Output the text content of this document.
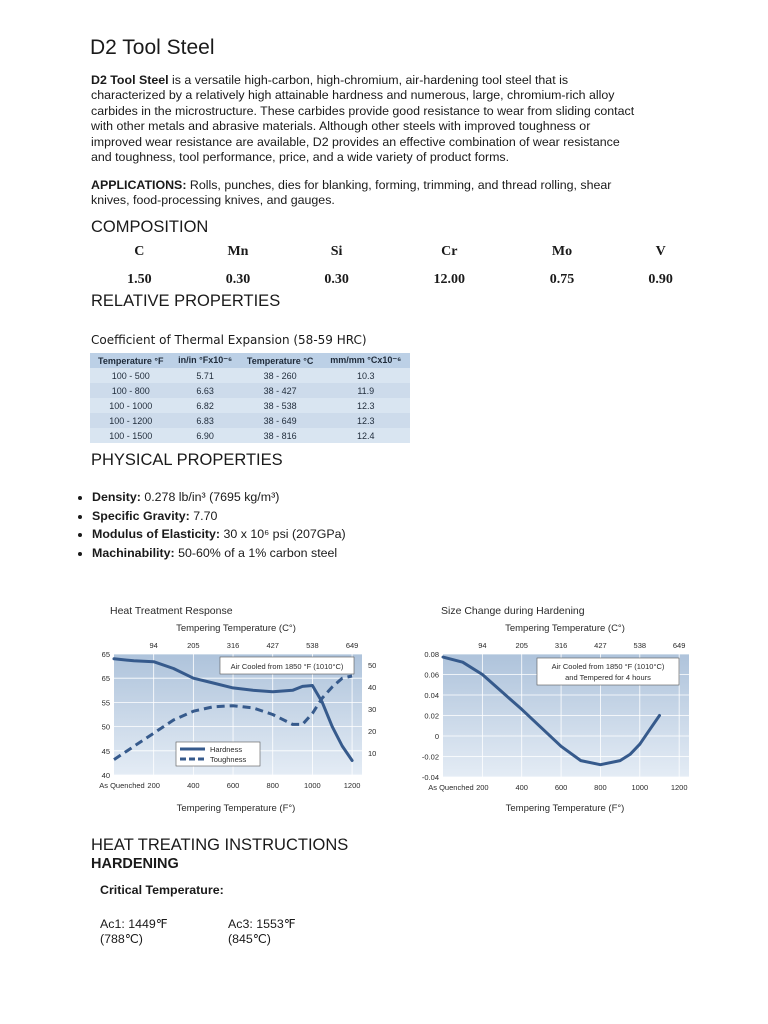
D2 Tool Steel
D2 Tool Steel is a versatile high-carbon, high-chromium, air-hardening tool steel that is
characterized by a relatively high attainable hardness and numerous, large, chromium-rich alloy
carbides in the microstructure. These carbides provide good resistance to wear from sliding contact
with other metals and abrasive materials. Although other steels with improved toughness or
improved wear resistance are available, D2 provides an effective combination of wear resistance
and toughness, tool performance, price, and a wide variety of product forms.
APPLICATIONS: Rolls, punches, dies for blanking, forming, trimming, and thread rolling, shear
knives, food-processing knives, and gauges.
COMPOSITION
C	Mn	Si	Cr	Mo	V
1.50	0.30	0.30	12.00	0.75	0.90
RELATIVE PROPERTIES
Coefficient of Thermal Expansion (58-59 HRC)
Temperature °F	in/in °Fx10⁻⁶	Temperature °C	mm/mm °Cx10⁻⁶
100 - 500	5.71	38 - 260	10.3
100 - 800	6.63	38 - 427	11.9
100 - 1000	6.82	38 - 538	12.3
100 - 1200	6.83	38 - 649	12.3
100 - 1500	6.90	38 - 816	12.4
PHYSICAL PROPERTIES
• Density: 0.278 lb/in³ (7695 kg/m³)
• Specific Gravity: 7.70
• Modulus of Elasticity: 30 x 10⁶ psi (207GPa)
• Machinability: 50-60% of a 1% carbon steel
Heat Treatment Response
Tempering Temperature (C°)
As Quenched 200	400	600	800	1000	1200
65
65
55
50
45
40
94	205	316	427	538	649
50
40
30
20
10
Air Cooled from 1850 °F (1010°C)
Hardness
Toughness
Tempering Temperature (F°)
Size Change during Hardening
Tempering Temperature (C°)
As Quenched 200	400	600	800	1000	1200
0.08
0.06
0.04
0.02
0
-0.02
-0.04
94	205	316	427	538	649
Air Cooled from 1850 °F (1010°C)
and Tempered for 4 hours
Tempering Temperature (F°)
HEAT TREATING INSTRUCTIONS
HARDENING
Critical Temperature:
Ac1: 1449℉
(788℃)
Ac3: 1553℉
(845℃)
